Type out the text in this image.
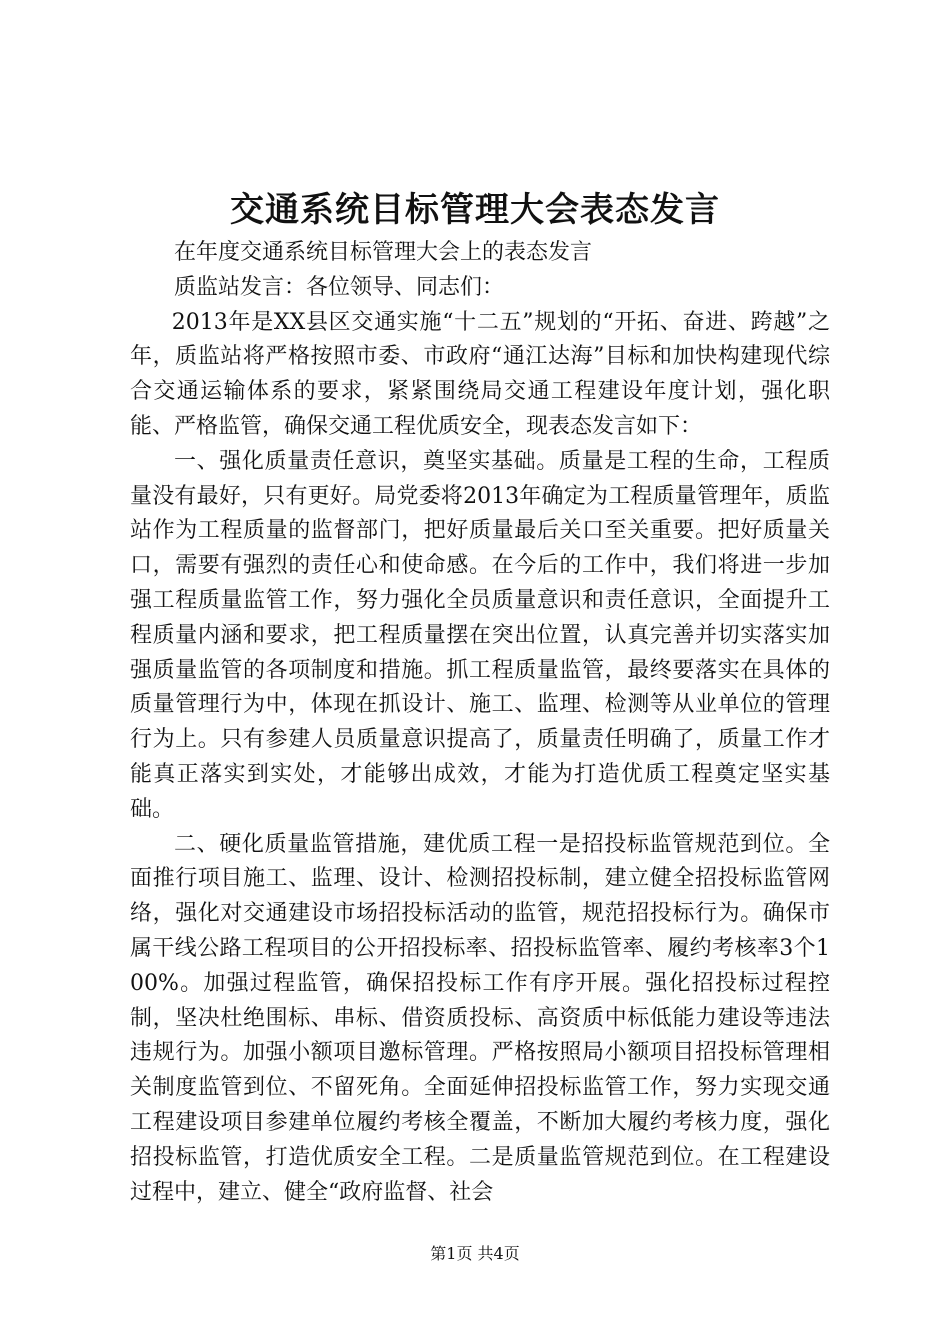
交通系统目标管理大会表态发言

在年度交通系统目标管理大会上的表态发言

质监站发言：各位领导、同志们：

2013年是XX县区交通实施“十二五”规划的“开拓、奋进、跨越”之年，质监站将严格按照市委、市政府“通江达海”目标和加快构建现代综合交通运输体系的要求，紧紧围绕局交通工程建设年度计划，强化职能、严格监管，确保交通工程优质安全，现表态发言如下：

一、强化质量责任意识，奠坚实基础。质量是工程的生命，工程质量没有最好，只有更好。局党委将2013年确定为工程质量管理年，质监站作为工程质量的监督部门，把好质量最后关口至关重要。把好质量关口，需要有强烈的责任心和使命感。在今后的工作中，我们将进一步加强工程质量监管工作，努力强化全员质量意识和责任意识，全面提升工程质量内涵和要求，把工程质量摆在突出位置，认真完善并切实落实加强质量监管的各项制度和措施。抓工程质量监管，最终要落实在具体的质量管理行为中，体现在抓设计、施工、监理、检测等从业单位的管理行为上。只有参建人员质量意识提高了，质量责任明确了，质量工作才能真正落实到实处，才能够出成效，才能为打造优质工程奠定坚实基础。

二、硬化质量监管措施，建优质工程一是招投标监管规范到位。全面推行项目施工、监理、设计、检测招投标制，建立健全招投标监管网络，强化对交通建设市场招投标活动的监管，规范招投标行为。确保市属干线公路工程项目的公开招投标率、招投标监管率、履约考核率3个100%。加强过程监管，确保招投标工作有序开展。强化招投标过程控制，坚决杜绝围标、串标、借资质投标、高资质中标低能力建设等违法违规行为。加强小额项目邀标管理。严格按照局小额项目招投标管理相关制度监管到位、不留死角。全面延伸招投标监管工作，努力实现交通工程建设项目参建单位履约考核全覆盖，不断加大履约考核力度，强化招投标监管，打造优质安全工程。二是质量监管规范到位。在工程建设过程中，建立、健全“政府监督、社会

第1页 共4页
